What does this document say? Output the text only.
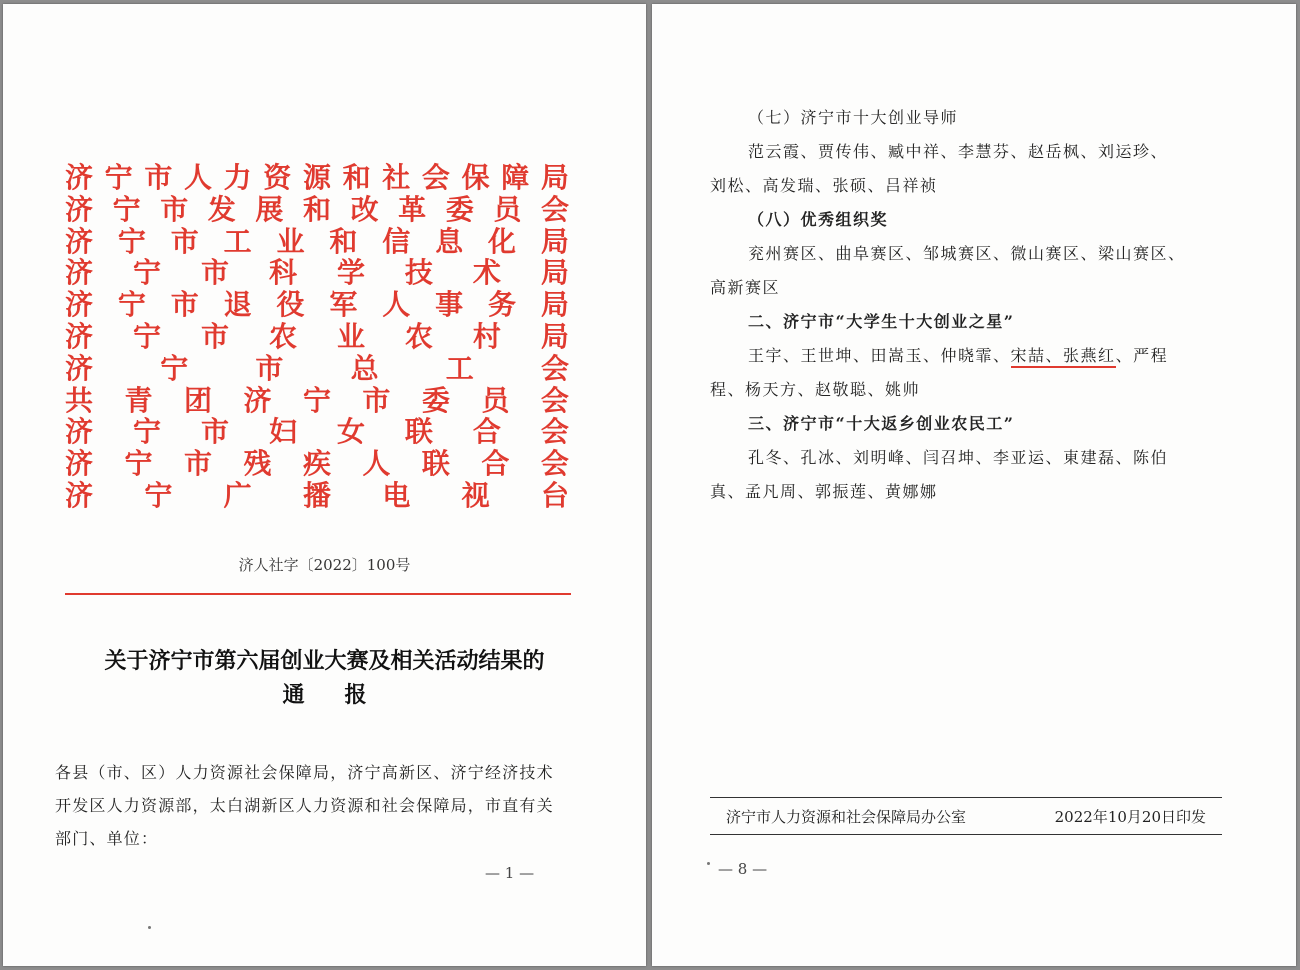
济 宁 市 人 力 资 源 和 社 会 保 障 局
济 宁 市 发 展 和 改 革 委 员 会
济 宁 市 工 业 和 信 息 化 局
济 宁 市 科 学 技 术 局
济 宁 市 退 役 军 人 事 务 局
济 宁 市 农 业 农 村 局
济 宁 市 总 工 会
共 青 团 济 宁 市 委 员 会
济 宁 市 妇 女 联 合 会
济 宁 市 残 疾 人 联 合 会
济 宁 广 播 电 视 台
济人社字〔2022〕100号
关于济宁市第六届创业大赛及相关活动结果的
通报
各县（市、区）人力资源社会保障局，济宁高新区、济宁经济技术开发区人力资源部，太白湖新区人力资源和社会保障局，市直有关部门、单位：
— 1 —

（七）济宁市十大创业导师

范云霞、贾传伟、臧中祥、李慧芬、赵岳枫、刘运珍、

刘松、高发瑞、张硕、吕祥祯

（八）优秀组织奖

兖州赛区、曲阜赛区、邹城赛区、微山赛区、梁山赛区、

高新赛区

二、济宁市“大学生十大创业之星”

王宇、王世坤、田嵩玉、仲晓霏、宋喆、张燕红、严程

程、杨天方、赵敬聪、姚帅

三、济宁市“十大返乡创业农民工”

孔冬、孔冰、刘明峰、闫召坤、李亚运、東建磊、陈伯

真、孟凡周、郭振莲、黄娜娜

济宁市人力资源和社会保障局办公室	2022年10月20日印发
— 8 —
